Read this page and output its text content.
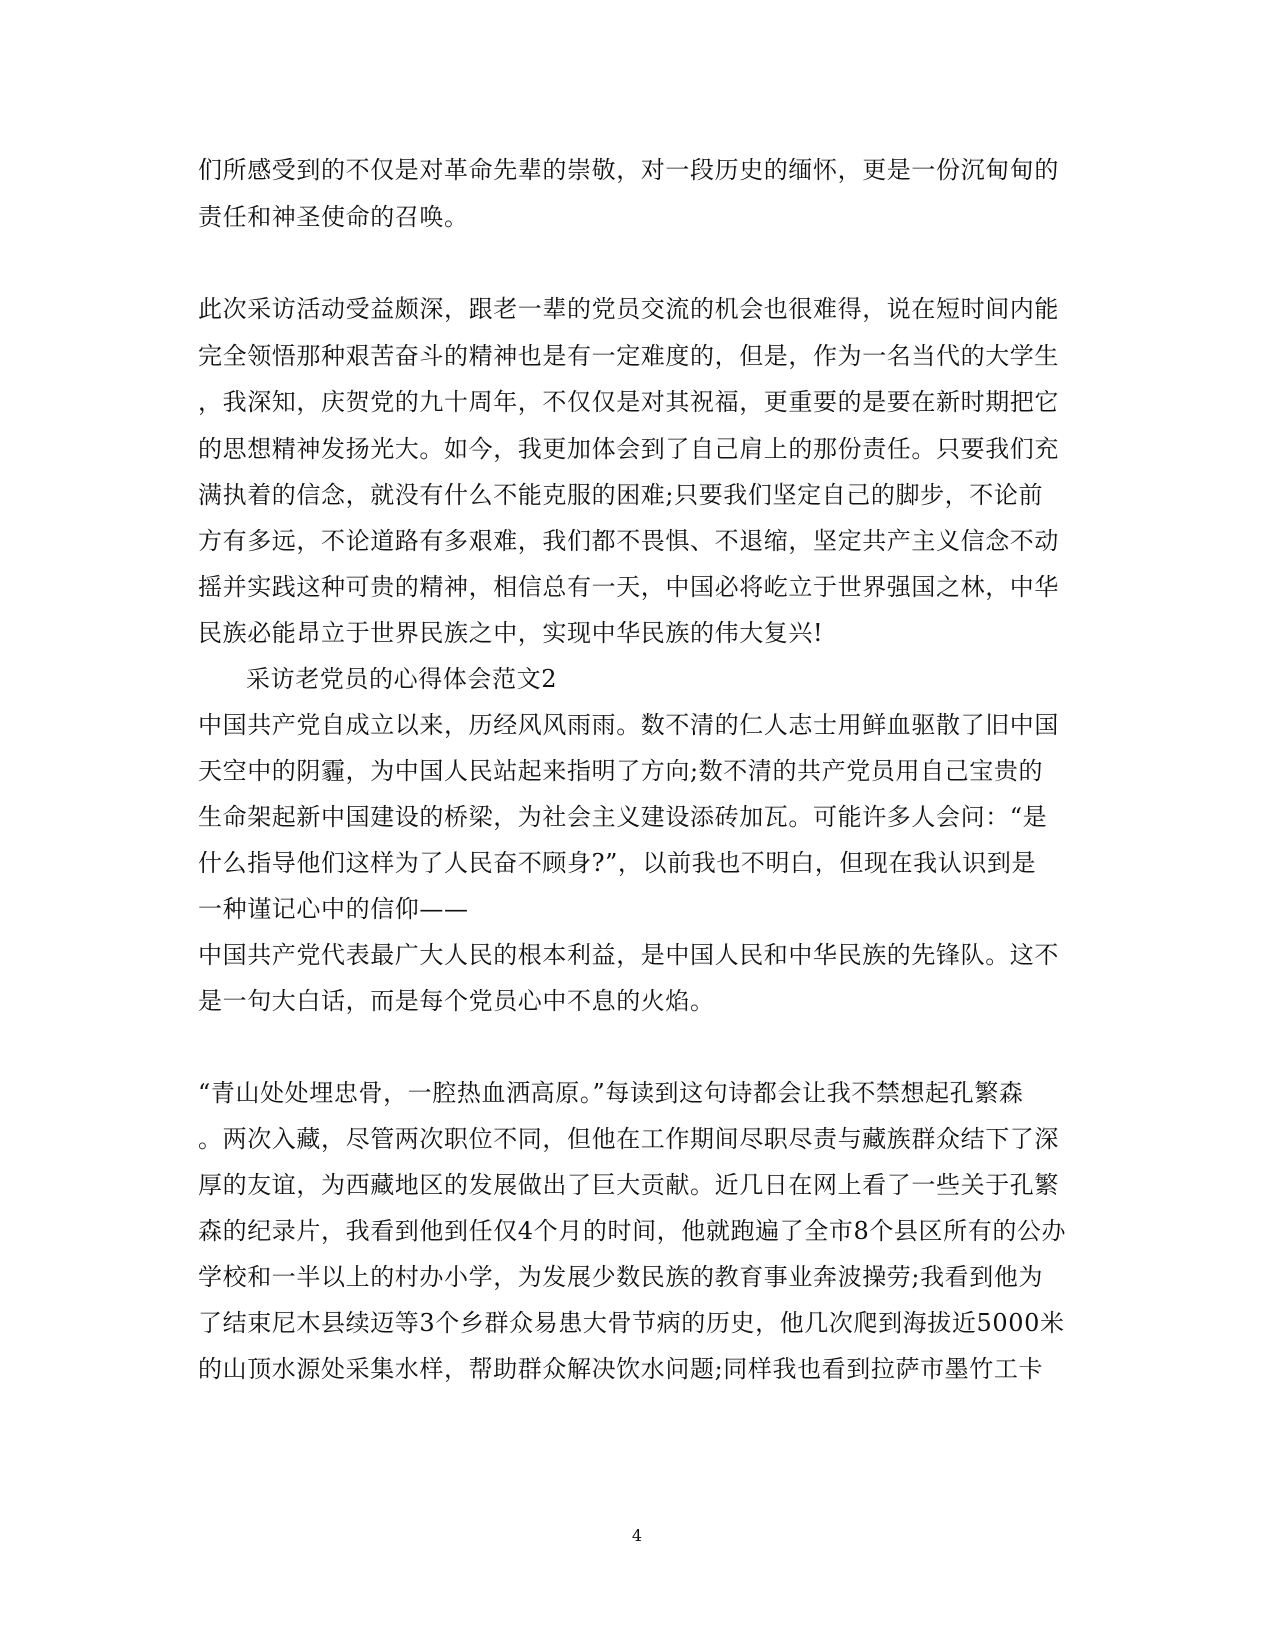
们所感受到的不仅是对革命先辈的崇敬，对一段历史的缅怀，更是一份沉甸甸的
责任和神圣使命的召唤。
此次采访活动受益颇深，跟老一辈的党员交流的机会也很难得，说在短时间内能
完全领悟那种艰苦奋斗的精神也是有一定难度的，但是，作为一名当代的大学生
，我深知，庆贺党的九十周年，不仅仅是对其祝福，更重要的是要在新时期把它
的思想精神发扬光大。如今，我更加体会到了自己肩上的那份责任。只要我们充
满执着的信念，就没有什么不能克服的困难;只要我们坚定自己的脚步，不论前
方有多远，不论道路有多艰难，我们都不畏惧、不退缩，坚定共产主义信念不动
摇并实践这种可贵的精神，相信总有一天，中国必将屹立于世界强国之林，中华
民族必能昂立于世界民族之中，实现中华民族的伟大复兴!
采访老党员的心得体会范文2
中国共产党自成立以来，历经风风雨雨。数不清的仁人志士用鲜血驱散了旧中国
天空中的阴霾，为中国人民站起来指明了方向;数不清的共产党员用自己宝贵的
生命架起新中国建设的桥梁，为社会主义建设添砖加瓦。可能许多人会问：“是
什么指导他们这样为了人民奋不顾身?”，以前我也不明白，但现在我认识到是
一种谨记心中的信仰——
中国共产党代表最广大人民的根本利益，是中国人民和中华民族的先锋队。这不
是一句大白话，而是每个党员心中不息的火焰。
“青山处处埋忠骨，一腔热血洒高原。”每读到这句诗都会让我不禁想起孔繁森
。两次入藏，尽管两次职位不同，但他在工作期间尽职尽责与藏族群众结下了深
厚的友谊，为西藏地区的发展做出了巨大贡献。近几日在网上看了一些关于孔繁
森的纪录片，我看到他到任仅4个月的时间，他就跑遍了全市8个县区所有的公办
学校和一半以上的村办小学，为发展少数民族的教育事业奔波操劳;我看到他为
了结束尼木县续迈等3个乡群众易患大骨节病的历史，他几次爬到海拔近5000米
的山顶水源处采集水样，帮助群众解决饮水问题;同样我也看到拉萨市墨竹工卡
4
